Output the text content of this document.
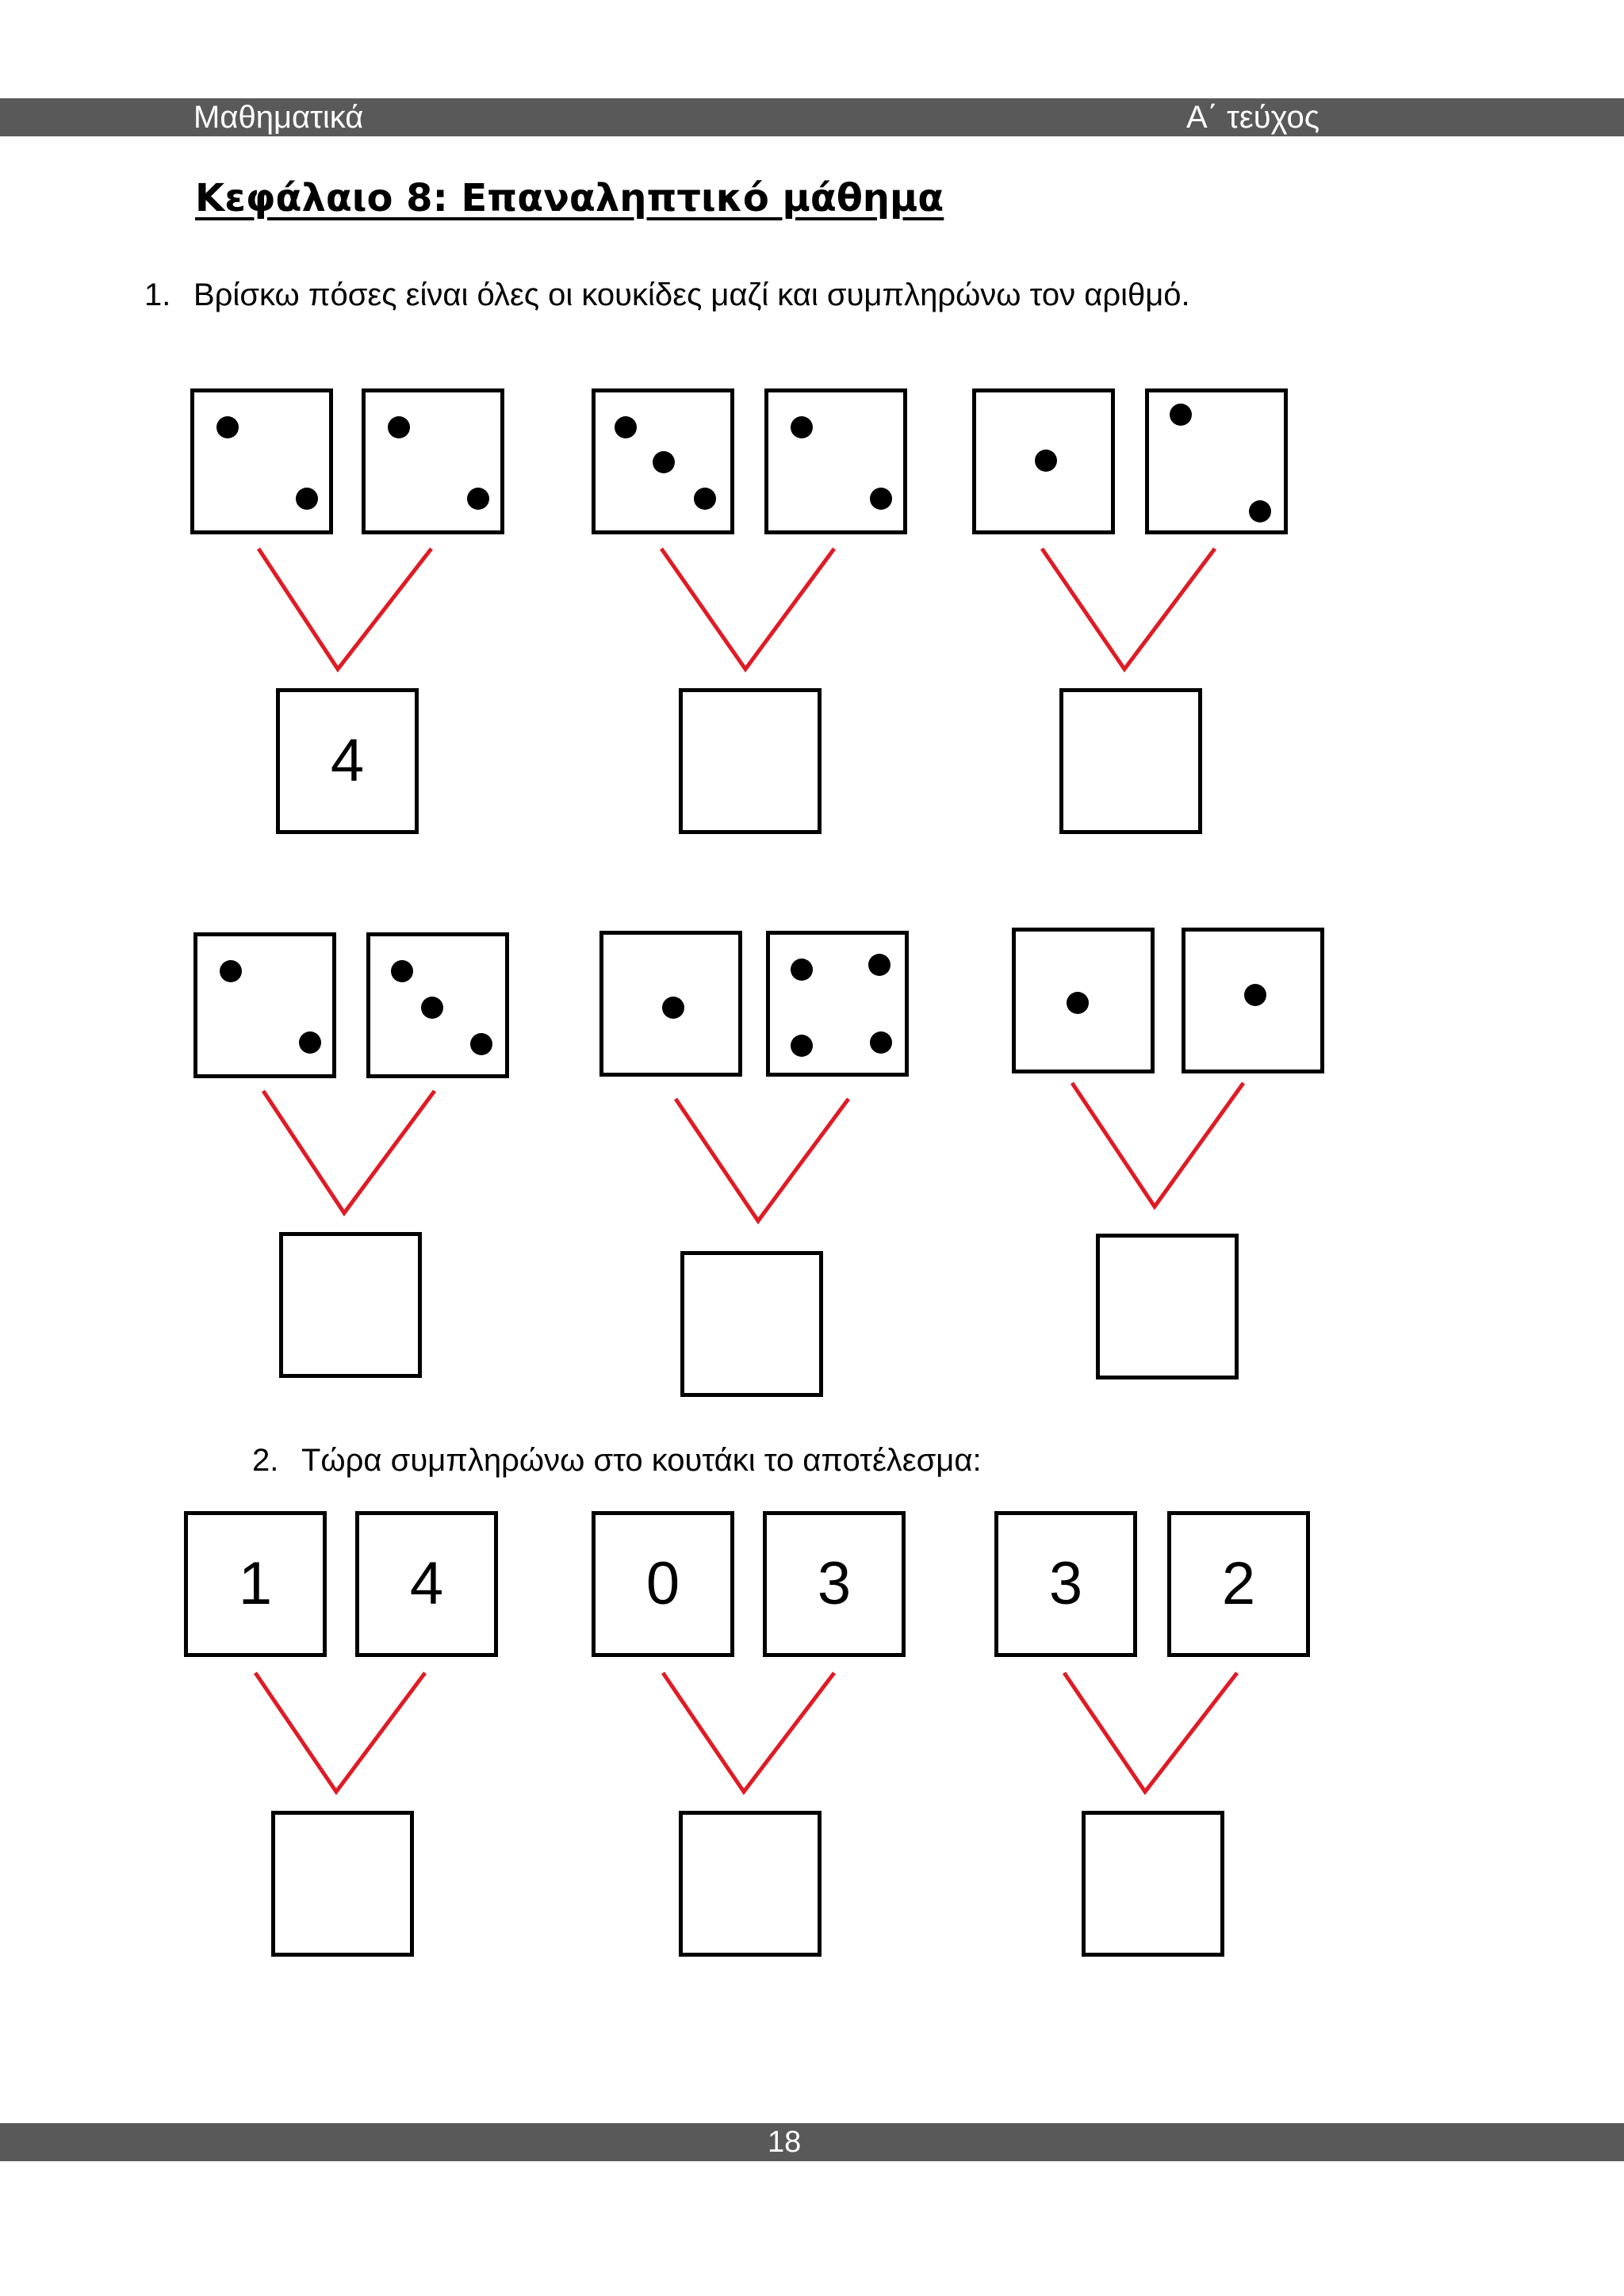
Μαθηματικά	Α΄ τεύχος
Κεφάλαιο 8: Επαναληπτικό μάθημα
1. Βρίσκω πόσες είναι όλες οι κουκίδες μαζί και συμπληρώνω τον αριθμό.
4
2. Τώρα συμπληρώνω στο κουτάκι το αποτέλεσμα:
1	4	0	3	3	2
18
